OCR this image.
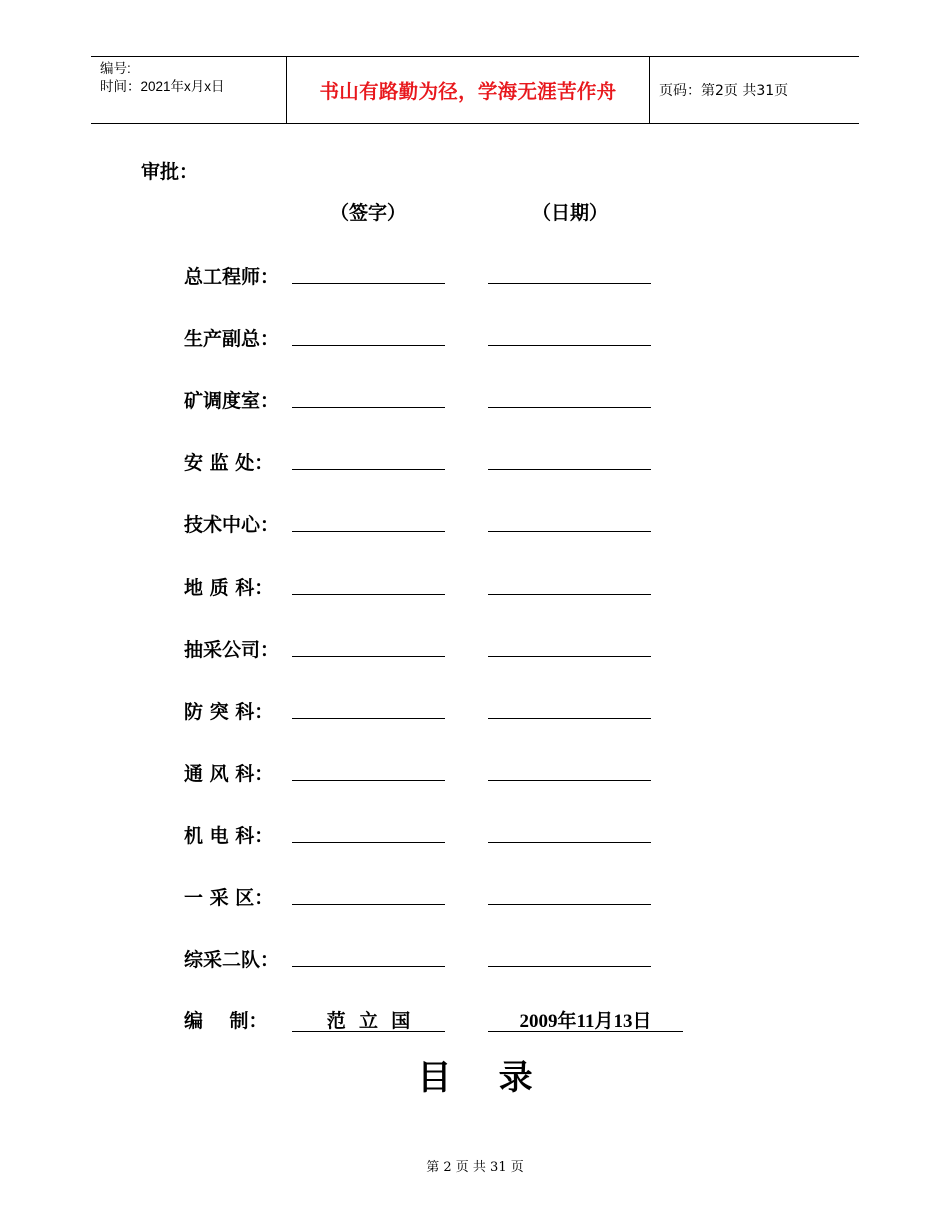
编号:
时间：2021年x月x日	书山有路勤为径，学海无涯苦作舟	页码：第2页 共31页
审批：
（签字）	（日期）
总工程师：
生产副总：
矿调度室：
安 监 处：
技术中心：
地 质 科：
抽采公司：
防 突 科：
通 风 科：
机 电 科：
一 采 区：
综采二队：
编    制：	范  立  国	2009年11月13日
目    录
第 2 页 共 31 页
